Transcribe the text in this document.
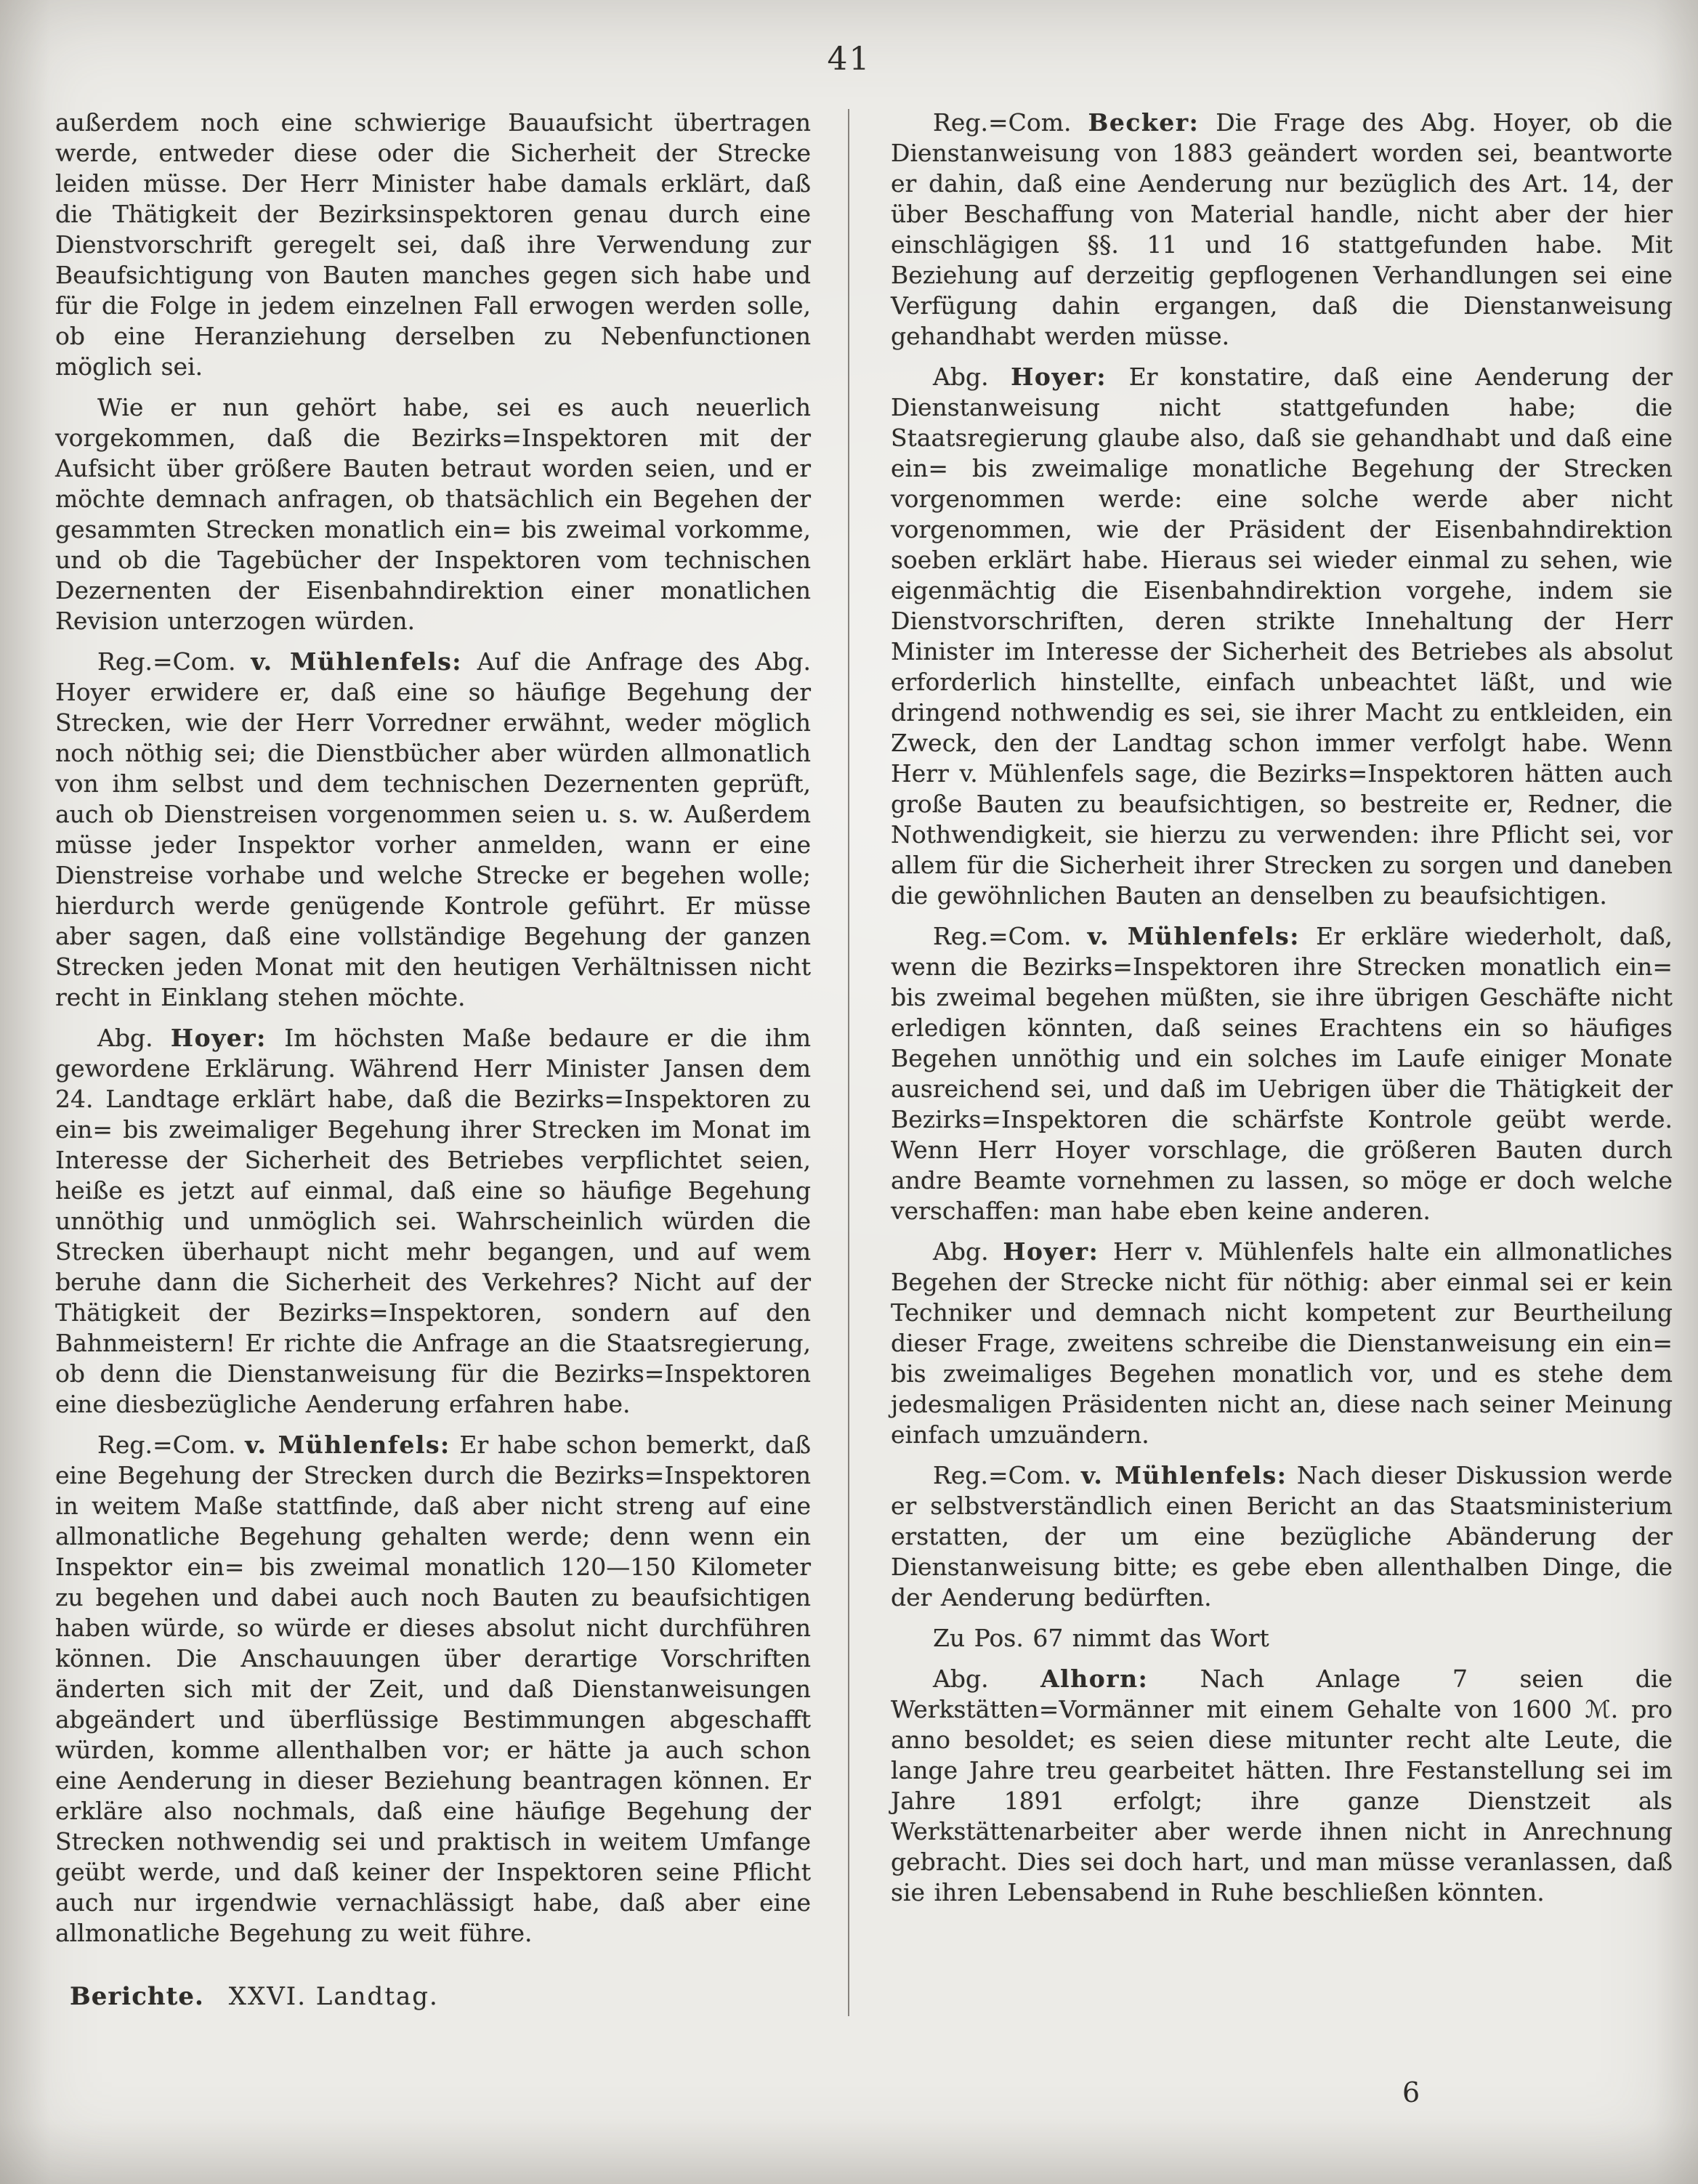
41

außerdem noch eine schwierige Bauaufsicht übertragen werde, entweder diese oder die Sicherheit der Strecke leiden müsse. Der Herr Minister habe damals erklärt, daß die Thätigkeit der Bezirksinspektoren genau durch eine Dienstvorschrift geregelt sei, daß ihre Verwendung zur Beaufsichtigung von Bauten manches gegen sich habe und für die Folge in jedem einzelnen Fall erwogen werden solle, ob eine Heranziehung derselben zu Nebenfunctionen möglich sei.

Wie er nun gehört habe, sei es auch neuerlich vorgekommen, daß die Bezirks=Inspektoren mit der Aufsicht über größere Bauten betraut worden seien, und er möchte demnach anfragen, ob thatsächlich ein Begehen der gesammten Strecken monatlich ein= bis zweimal vorkomme, und ob die Tagebücher der Inspektoren vom technischen Dezernenten der Eisenbahndirektion einer monatlichen Revision unterzogen würden.

Reg.=Com. v. Mühlenfels: Auf die Anfrage des Abg. Hoyer erwidere er, daß eine so häufige Begehung der Strecken, wie der Herr Vorredner erwähnt, weder möglich noch nöthig sei; die Dienstbücher aber würden allmonatlich von ihm selbst und dem technischen Dezernenten geprüft, auch ob Dienstreisen vorgenommen seien u. s. w. Außerdem müsse jeder Inspektor vorher anmelden, wann er eine Dienstreise vorhabe und welche Strecke er begehen wolle; hierdurch werde genügende Kontrole geführt. Er müsse aber sagen, daß eine vollständige Begehung der ganzen Strecken jeden Monat mit den heutigen Verhältnissen nicht recht in Einklang stehen möchte.

Abg. Hoyer: Im höchsten Maße bedaure er die ihm gewordene Erklärung. Während Herr Minister Jansen dem 24. Landtage erklärt habe, daß die Bezirks=Inspektoren zu ein= bis zweimaliger Begehung ihrer Strecken im Monat im Interesse der Sicherheit des Betriebes verpflichtet seien, heiße es jetzt auf einmal, daß eine so häufige Begehung unnöthig und unmöglich sei. Wahrscheinlich würden die Strecken überhaupt nicht mehr begangen, und auf wem beruhe dann die Sicherheit des Verkehres? Nicht auf der Thätigkeit der Bezirks=Inspektoren, sondern auf den Bahnmeistern! Er richte die Anfrage an die Staatsregierung, ob denn die Dienstanweisung für die Bezirks=Inspektoren eine diesbezügliche Aenderung erfahren habe.

Reg.=Com. v. Mühlenfels: Er habe schon bemerkt, daß eine Begehung der Strecken durch die Bezirks=Inspektoren in weitem Maße stattfinde, daß aber nicht streng auf eine allmonatliche Begehung gehalten werde; denn wenn ein Inspektor ein= bis zweimal monatlich 120—150 Kilometer zu begehen und dabei auch noch Bauten zu beaufsichtigen haben würde, so würde er dieses absolut nicht durchführen können. Die Anschauungen über derartige Vorschriften änderten sich mit der Zeit, und daß Dienstanweisungen abgeändert und überflüssige Bestimmungen abgeschafft würden, komme allenthalben vor; er hätte ja auch schon eine Aenderung in dieser Beziehung beantragen können. Er erkläre also nochmals, daß eine häufige Begehung der Strecken nothwendig sei und praktisch in weitem Umfange geübt werde, und daß keiner der Inspektoren seine Pflicht auch nur irgendwie vernachlässigt habe, daß aber eine allmonatliche Begehung zu weit führe.

Reg.=Com. Becker: Die Frage des Abg. Hoyer, ob die Dienstanweisung von 1883 geändert worden sei, beantworte er dahin, daß eine Aenderung nur bezüglich des Art. 14, der über Beschaffung von Material handle, nicht aber der hier einschlägigen §§. 11 und 16 stattgefunden habe. Mit Beziehung auf derzeitig gepflogenen Verhandlungen sei eine Verfügung dahin ergangen, daß die Dienstanweisung gehandhabt werden müsse.

Abg. Hoyer: Er konstatire, daß eine Aenderung der Dienstanweisung nicht stattgefunden habe; die Staatsregierung glaube also, daß sie gehandhabt und daß eine ein= bis zweimalige monatliche Begehung der Strecken vorgenommen werde: eine solche werde aber nicht vorgenommen, wie der Präsident der Eisenbahndirektion soeben erklärt habe. Hieraus sei wieder einmal zu sehen, wie eigenmächtig die Eisenbahndirektion vorgehe, indem sie Dienstvorschriften, deren strikte Innehaltung der Herr Minister im Interesse der Sicherheit des Betriebes als absolut erforderlich hinstellte, einfach unbeachtet läßt, und wie dringend nothwendig es sei, sie ihrer Macht zu entkleiden, ein Zweck, den der Landtag schon immer verfolgt habe. Wenn Herr v. Mühlenfels sage, die Bezirks=Inspektoren hätten auch große Bauten zu beaufsichtigen, so bestreite er, Redner, die Nothwendigkeit, sie hierzu zu verwenden: ihre Pflicht sei, vor allem für die Sicherheit ihrer Strecken zu sorgen und daneben die gewöhnlichen Bauten an denselben zu beaufsichtigen.

Reg.=Com. v. Mühlenfels: Er erkläre wiederholt, daß, wenn die Bezirks=Inspektoren ihre Strecken monatlich ein= bis zweimal begehen müßten, sie ihre übrigen Geschäfte nicht erledigen könnten, daß seines Erachtens ein so häufiges Begehen unnöthig und ein solches im Laufe einiger Monate ausreichend sei, und daß im Uebrigen über die Thätigkeit der Bezirks=Inspektoren die schärfste Kontrole geübt werde. Wenn Herr Hoyer vorschlage, die größeren Bauten durch andre Beamte vornehmen zu lassen, so möge er doch welche verschaffen: man habe eben keine anderen.

Abg. Hoyer: Herr v. Mühlenfels halte ein allmonatliches Begehen der Strecke nicht für nöthig: aber einmal sei er kein Techniker und demnach nicht kompetent zur Beurtheilung dieser Frage, zweitens schreibe die Dienstanweisung ein ein= bis zweimaliges Begehen monatlich vor, und es stehe dem jedesmaligen Präsidenten nicht an, diese nach seiner Meinung einfach umzuändern.

Reg.=Com. v. Mühlenfels: Nach dieser Diskussion werde er selbstverständlich einen Bericht an das Staatsministerium erstatten, der um eine bezügliche Abänderung der Dienstanweisung bitte; es gebe eben allenthalben Dinge, die der Aenderung bedürften.

Zu Pos. 67 nimmt das Wort

Abg. Alhorn: Nach Anlage 7 seien die Werkstätten=Vormänner mit einem Gehalte von 1600 ℳ. pro anno besoldet; es seien diese mitunter recht alte Leute, die lange Jahre treu gearbeitet hätten. Ihre Festanstellung sei im Jahre 1891 erfolgt; ihre ganze Dienstzeit als Werkstättenarbeiter aber werde ihnen nicht in Anrechnung gebracht. Dies sei doch hart, und man müsse veranlassen, daß sie ihren Lebensabend in Ruhe beschließen könnten.

Berichte. XXVI. Landtag.
6
